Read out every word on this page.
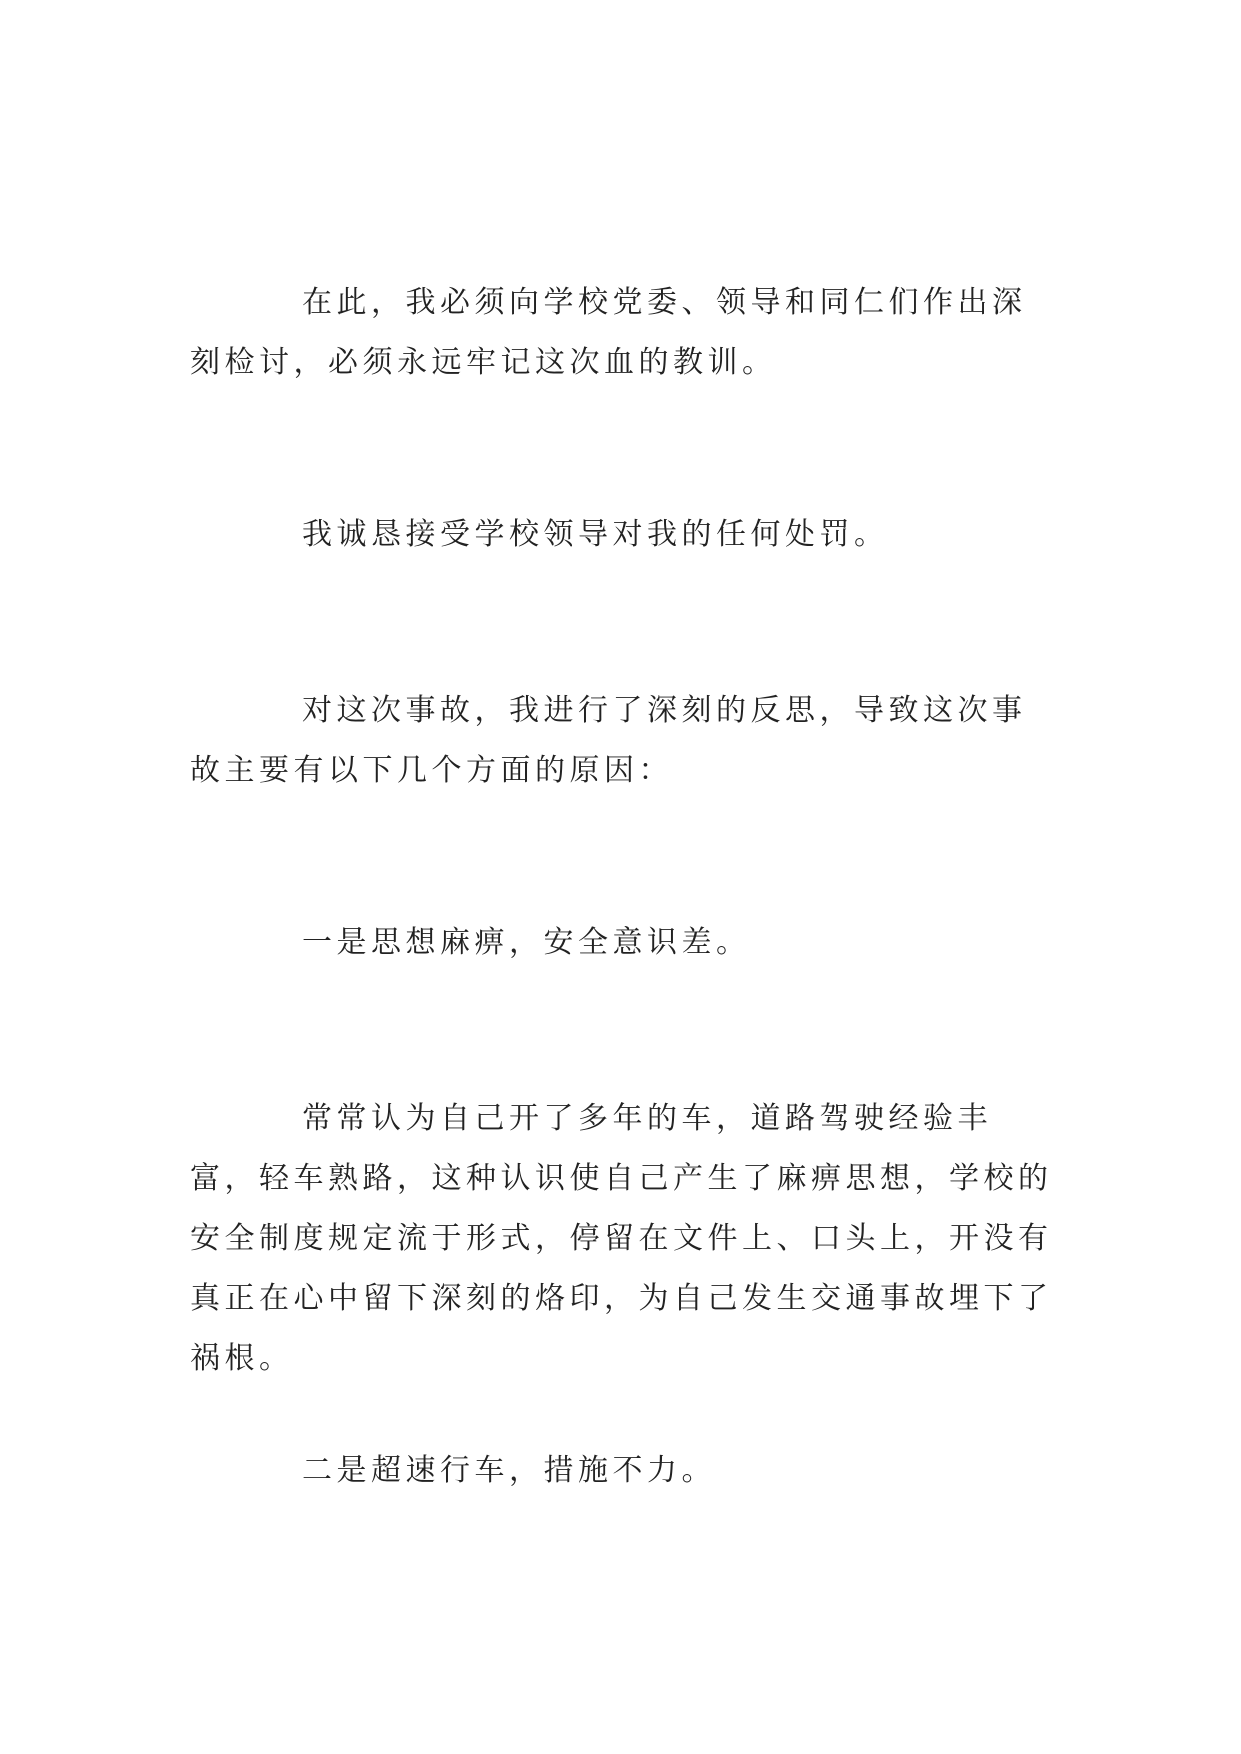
在此，我必须向学校党委、领导和同仁们作出深刻检讨，必须永远牢记这次血的教训。

我诚恳接受学校领导对我的任何处罚。

对这次事故，我进行了深刻的反思，导致这次事故主要有以下几个方面的原因：

一是思想麻痹，安全意识差。

常常认为自己开了多年的车，道路驾驶经验丰富，轻车熟路，这种认识使自己产生了麻痹思想，学校的安全制度规定流于形式，停留在文件上、口头上，开没有真正在心中留下深刻的烙印，为自己发生交通事故埋下了祸根。

二是超速行车，措施不力。
